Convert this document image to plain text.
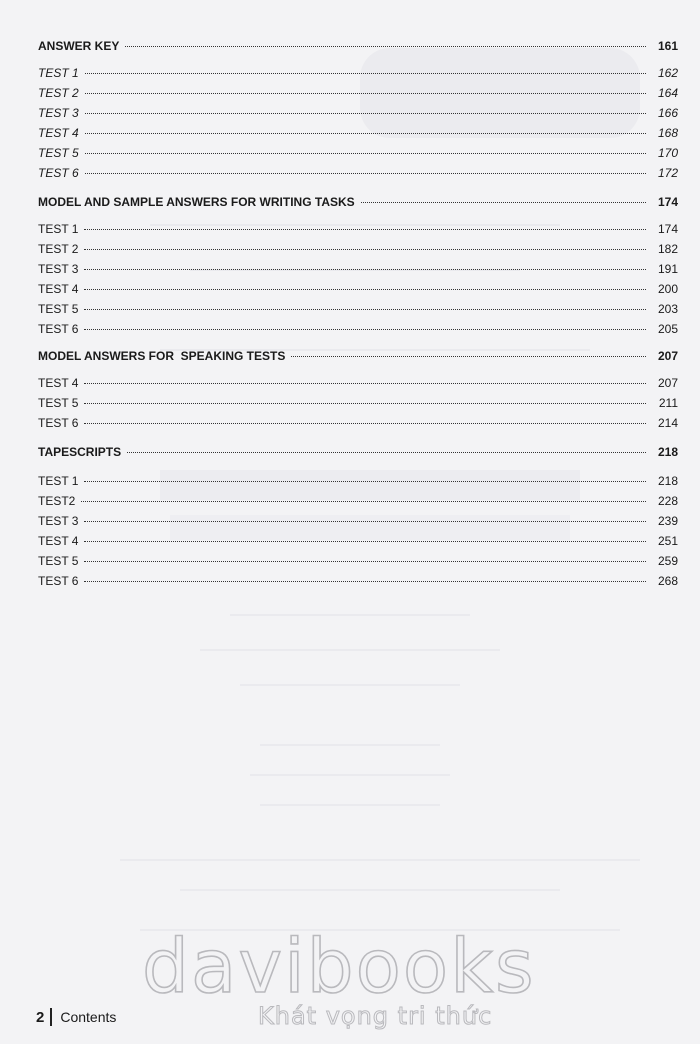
ANSWER KEY	161
TEST 1	162
TEST 2	164
TEST 3	166
TEST 4	168
TEST 5	170
TEST 6	172
MODEL AND SAMPLE ANSWERS FOR WRITING TASKS	174
TEST 1	174
TEST 2	182
TEST 3	191
TEST 4	200
TEST 5	203
TEST 6	205
MODEL ANSWERS FOR  SPEAKING TESTS	207
TEST 4	207
TEST 5	211
TEST 6	214
TAPESCRIPTS	218
TEST 1	218
TEST2	228
TEST 3	239
TEST 4	251
TEST 5	259
TEST 6	268
davibooks
Khát vọng tri thức
2 Contents
